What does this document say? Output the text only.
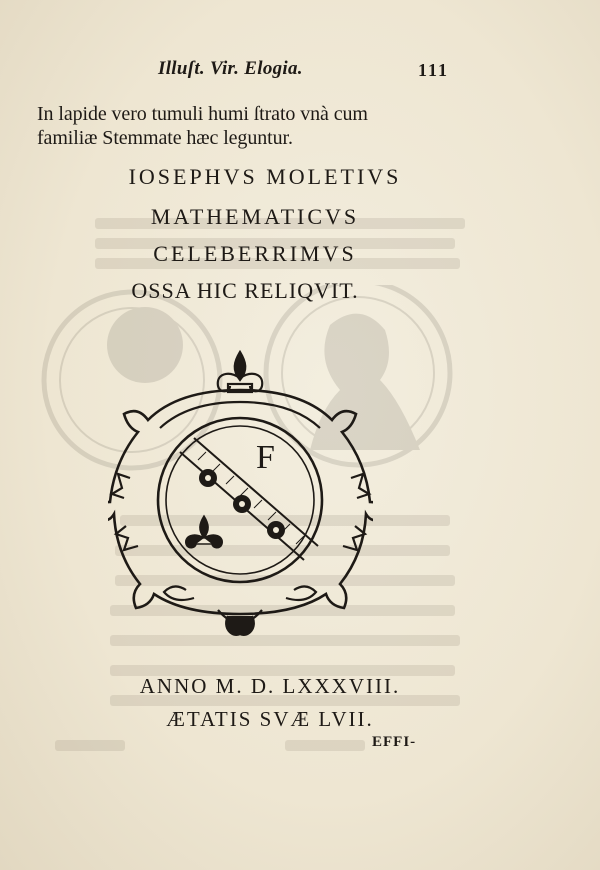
Illuſt. Vir. Elogia.	111
In lapide vero tumuli humi ſtrato vnà cum
familiæ Stemmate hæc leguntur.
IOSEPHVS MOLETIVS
MATHEMATICVS
CELEBERRIMVS
OSSA HIC RELIQVIT.
F
ANNO M. D. LXXXVIII.
ÆTATIS SVÆ LVII.
EFFI-
